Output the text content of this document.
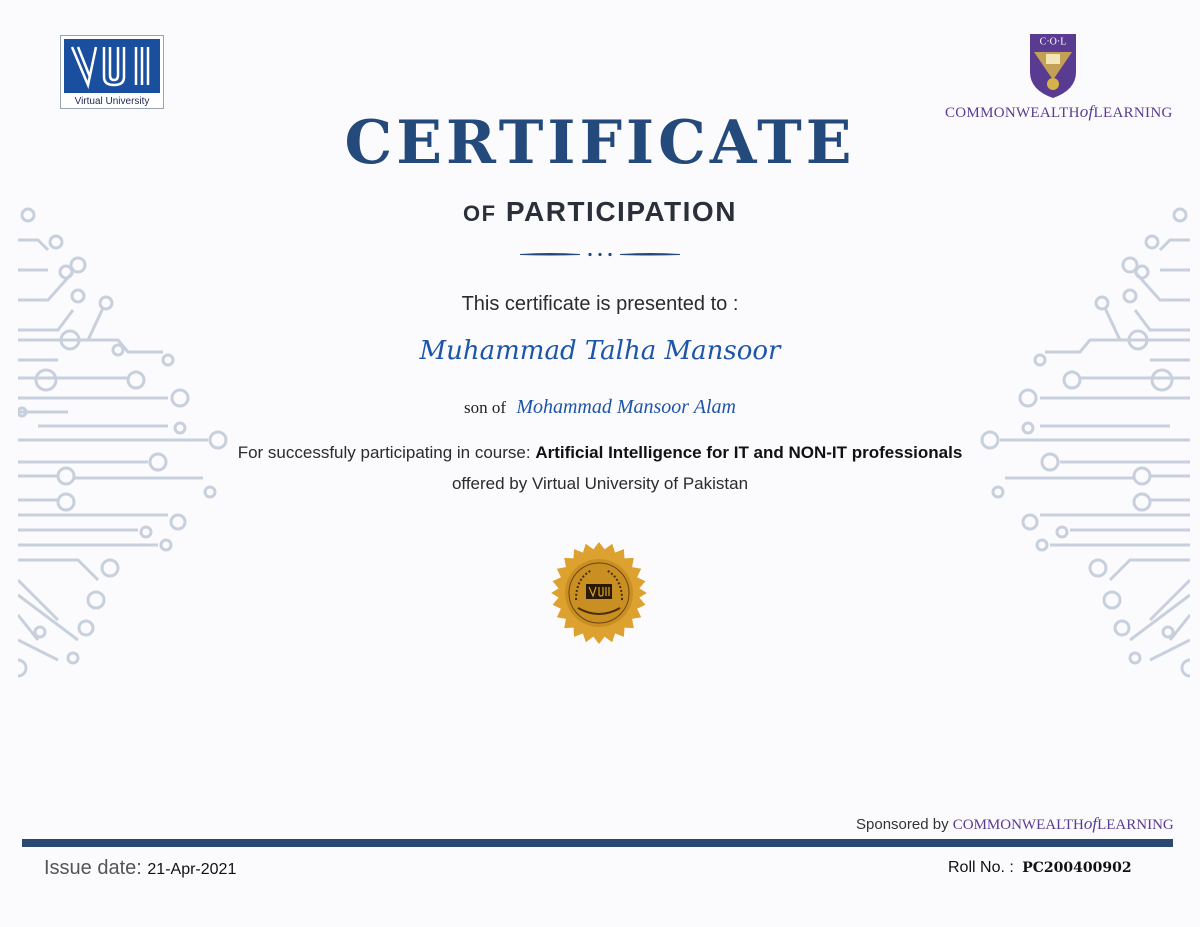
Virtual University
C·O·L
COMMONWEALTHofLEARNING
CERTIFICATE
OF PARTICIPATION
This certificate is presented to :
Muhammad Talha Mansoor
son of Mohammad Mansoor Alam
For successfuly participating in course: Artificial Intelligence for IT and NON-IT professionals
offered by Virtual University of Pakistan
Sponsored by COMMONWEALTHofLEARNING
Issue date: 21-Apr-2021	Roll No. : PC200400902
